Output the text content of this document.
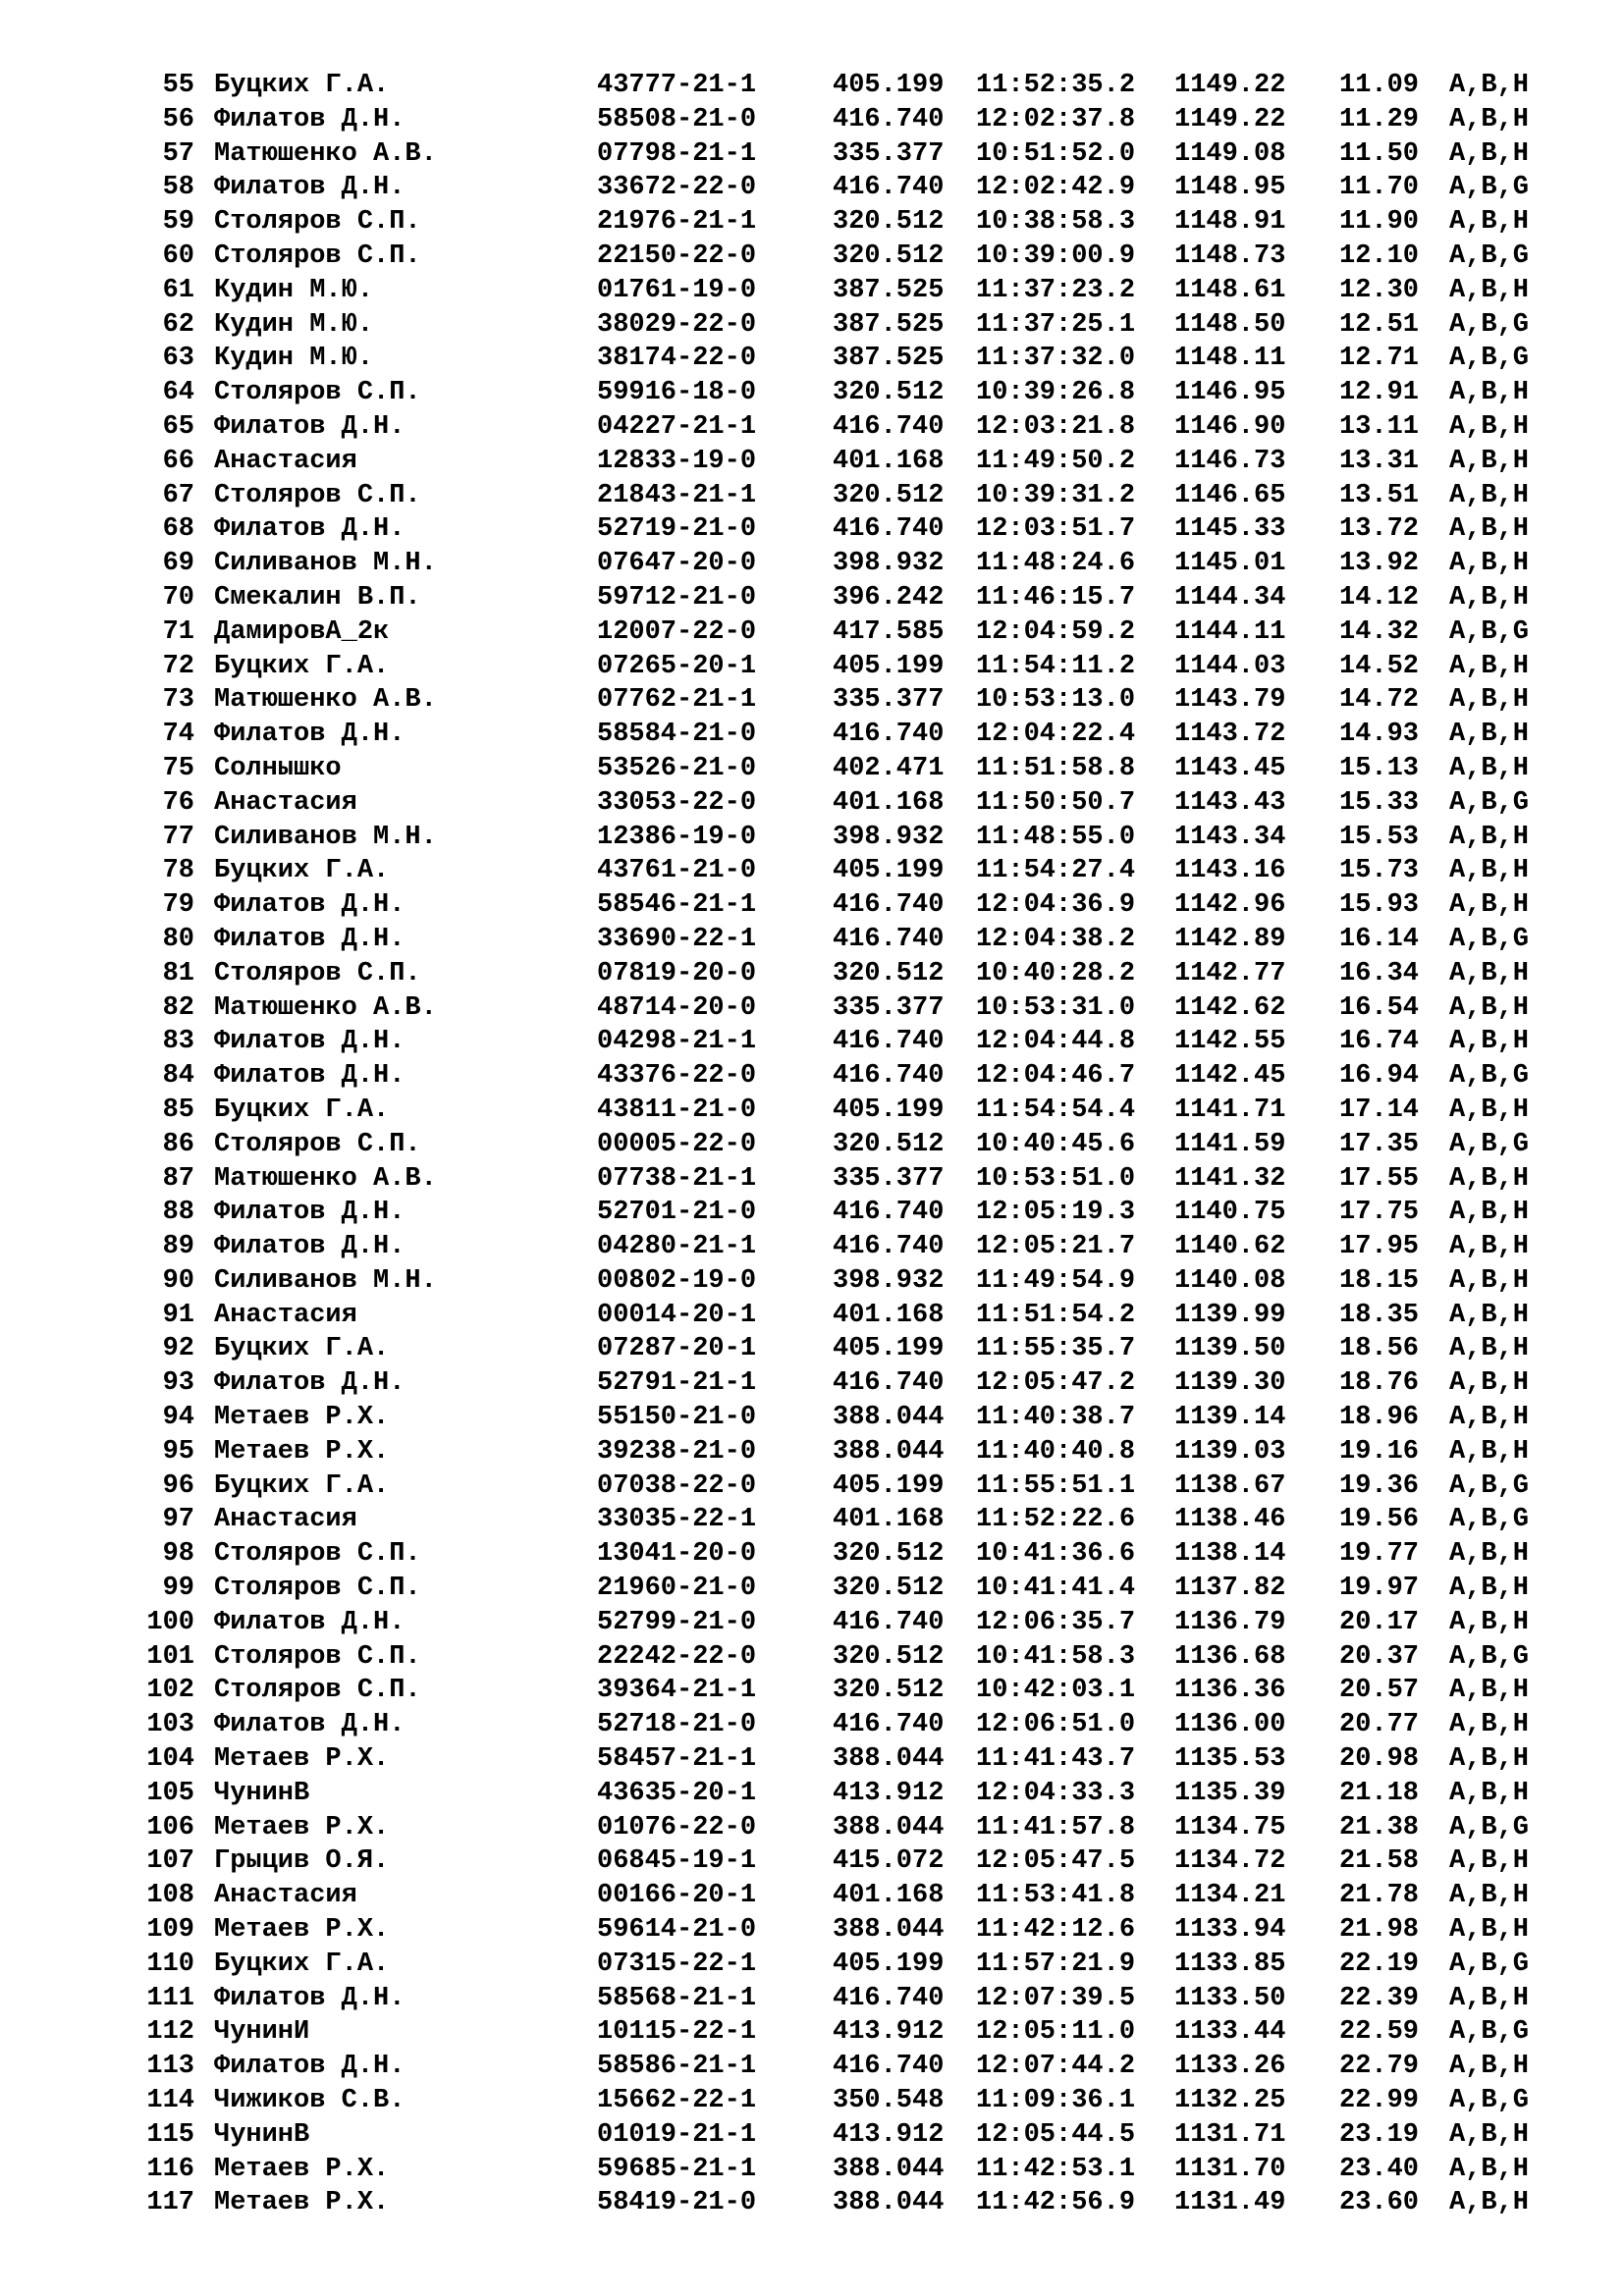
55 Буцких Г.А.	43777-21-1	405.199 11:52:35.2 1149.22 11.09 A,B,H
56 Филатов Д.Н.	58508-21-0	416.740 12:02:37.8 1149.22 11.29 A,B,H
57 Матюшенко А.В.	07798-21-1	335.377 10:51:52.0 1149.08 11.50 A,B,H
58 Филатов Д.Н.	33672-22-0	416.740 12:02:42.9 1148.95 11.70 A,B,G
59 Столяров С.П.	21976-21-1	320.512 10:38:58.3 1148.91 11.90 A,B,H
60 Столяров С.П.	22150-22-0	320.512 10:39:00.9 1148.73 12.10 A,B,G
61 Кудин М.Ю.	01761-19-0	387.525 11:37:23.2 1148.61 12.30 A,B,H
62 Кудин М.Ю.	38029-22-0	387.525 11:37:25.1 1148.50 12.51 A,B,G
63 Кудин М.Ю.	38174-22-0	387.525 11:37:32.0 1148.11 12.71 A,B,G
64 Столяров С.П.	59916-18-0	320.512 10:39:26.8 1146.95 12.91 A,B,H
65 Филатов Д.Н.	04227-21-1	416.740 12:03:21.8 1146.90 13.11 A,B,H
66 Анастасия	12833-19-0	401.168 11:49:50.2 1146.73 13.31 A,B,H
67 Столяров С.П.	21843-21-1	320.512 10:39:31.2 1146.65 13.51 A,B,H
68 Филатов Д.Н.	52719-21-0	416.740 12:03:51.7 1145.33 13.72 A,B,H
69 Силиванов М.Н.	07647-20-0	398.932 11:48:24.6 1145.01 13.92 A,B,H
70 Смекалин В.П.	59712-21-0	396.242 11:46:15.7 1144.34 14.12 A,B,H
71 ДамировА_2к	12007-22-0	417.585 12:04:59.2 1144.11 14.32 A,B,G
72 Буцких Г.А.	07265-20-1	405.199 11:54:11.2 1144.03 14.52 A,B,H
73 Матюшенко А.В.	07762-21-1	335.377 10:53:13.0 1143.79 14.72 A,B,H
74 Филатов Д.Н.	58584-21-0	416.740 12:04:22.4 1143.72 14.93 A,B,H
75 Солнышко	53526-21-0	402.471 11:51:58.8 1143.45 15.13 A,B,H
76 Анастасия	33053-22-0	401.168 11:50:50.7 1143.43 15.33 A,B,G
77 Силиванов М.Н.	12386-19-0	398.932 11:48:55.0 1143.34 15.53 A,B,H
78 Буцких Г.А.	43761-21-0	405.199 11:54:27.4 1143.16 15.73 A,B,H
79 Филатов Д.Н.	58546-21-1	416.740 12:04:36.9 1142.96 15.93 A,B,H
80 Филатов Д.Н.	33690-22-1	416.740 12:04:38.2 1142.89 16.14 A,B,G
81 Столяров С.П.	07819-20-0	320.512 10:40:28.2 1142.77 16.34 A,B,H
82 Матюшенко А.В.	48714-20-0	335.377 10:53:31.0 1142.62 16.54 A,B,H
83 Филатов Д.Н.	04298-21-1	416.740 12:04:44.8 1142.55 16.74 A,B,H
84 Филатов Д.Н.	43376-22-0	416.740 12:04:46.7 1142.45 16.94 A,B,G
85 Буцких Г.А.	43811-21-0	405.199 11:54:54.4 1141.71 17.14 A,B,H
86 Столяров С.П.	00005-22-0	320.512 10:40:45.6 1141.59 17.35 A,B,G
87 Матюшенко А.В.	07738-21-1	335.377 10:53:51.0 1141.32 17.55 A,B,H
88 Филатов Д.Н.	52701-21-0	416.740 12:05:19.3 1140.75 17.75 A,B,H
89 Филатов Д.Н.	04280-21-1	416.740 12:05:21.7 1140.62 17.95 A,B,H
90 Силиванов М.Н.	00802-19-0	398.932 11:49:54.9 1140.08 18.15 A,B,H
91 Анастасия	00014-20-1	401.168 11:51:54.2 1139.99 18.35 A,B,H
92 Буцких Г.А.	07287-20-1	405.199 11:55:35.7 1139.50 18.56 A,B,H
93 Филатов Д.Н.	52791-21-1	416.740 12:05:47.2 1139.30 18.76 A,B,H
94 Метаев Р.Х.	55150-21-0	388.044 11:40:38.7 1139.14 18.96 A,B,H
95 Метаев Р.Х.	39238-21-0	388.044 11:40:40.8 1139.03 19.16 A,B,H
96 Буцких Г.А.	07038-22-0	405.199 11:55:51.1 1138.67 19.36 A,B,G
97 Анастасия	33035-22-1	401.168 11:52:22.6 1138.46 19.56 A,B,G
98 Столяров С.П.	13041-20-0	320.512 10:41:36.6 1138.14 19.77 A,B,H
99 Столяров С.П.	21960-21-0	320.512 10:41:41.4 1137.82 19.97 A,B,H
100 Филатов Д.Н.	52799-21-0	416.740 12:06:35.7 1136.79 20.17 A,B,H
101 Столяров С.П.	22242-22-0	320.512 10:41:58.3 1136.68 20.37 A,B,G
102 Столяров С.П.	39364-21-1	320.512 10:42:03.1 1136.36 20.57 A,B,H
103 Филатов Д.Н.	52718-21-0	416.740 12:06:51.0 1136.00 20.77 A,B,H
104 Метаев Р.Х.	58457-21-1	388.044 11:41:43.7 1135.53 20.98 A,B,H
105 ЧунинВ	43635-20-1	413.912 12:04:33.3 1135.39 21.18 A,B,H
106 Метаев Р.Х.	01076-22-0	388.044 11:41:57.8 1134.75 21.38 A,B,G
107 Грыцив О.Я.	06845-19-1	415.072 12:05:47.5 1134.72 21.58 A,B,H
108 Анастасия	00166-20-1	401.168 11:53:41.8 1134.21 21.78 A,B,H
109 Метаев Р.Х.	59614-21-0	388.044 11:42:12.6 1133.94 21.98 A,B,H
110 Буцких Г.А.	07315-22-1	405.199 11:57:21.9 1133.85 22.19 A,B,G
111 Филатов Д.Н.	58568-21-1	416.740 12:07:39.5 1133.50 22.39 A,B,H
112 ЧунинИ	10115-22-1	413.912 12:05:11.0 1133.44 22.59 A,B,G
113 Филатов Д.Н.	58586-21-1	416.740 12:07:44.2 1133.26 22.79 A,B,H
114 Чижиков С.В.	15662-22-1	350.548 11:09:36.1 1132.25 22.99 A,B,G
115 ЧунинВ	01019-21-1	413.912 12:05:44.5 1131.71 23.19 A,B,H
116 Метаев Р.Х.	59685-21-1	388.044 11:42:53.1 1131.70 23.40 A,B,H
117 Метаев Р.Х.	58419-21-0	388.044 11:42:56.9 1131.49 23.60 A,B,H
